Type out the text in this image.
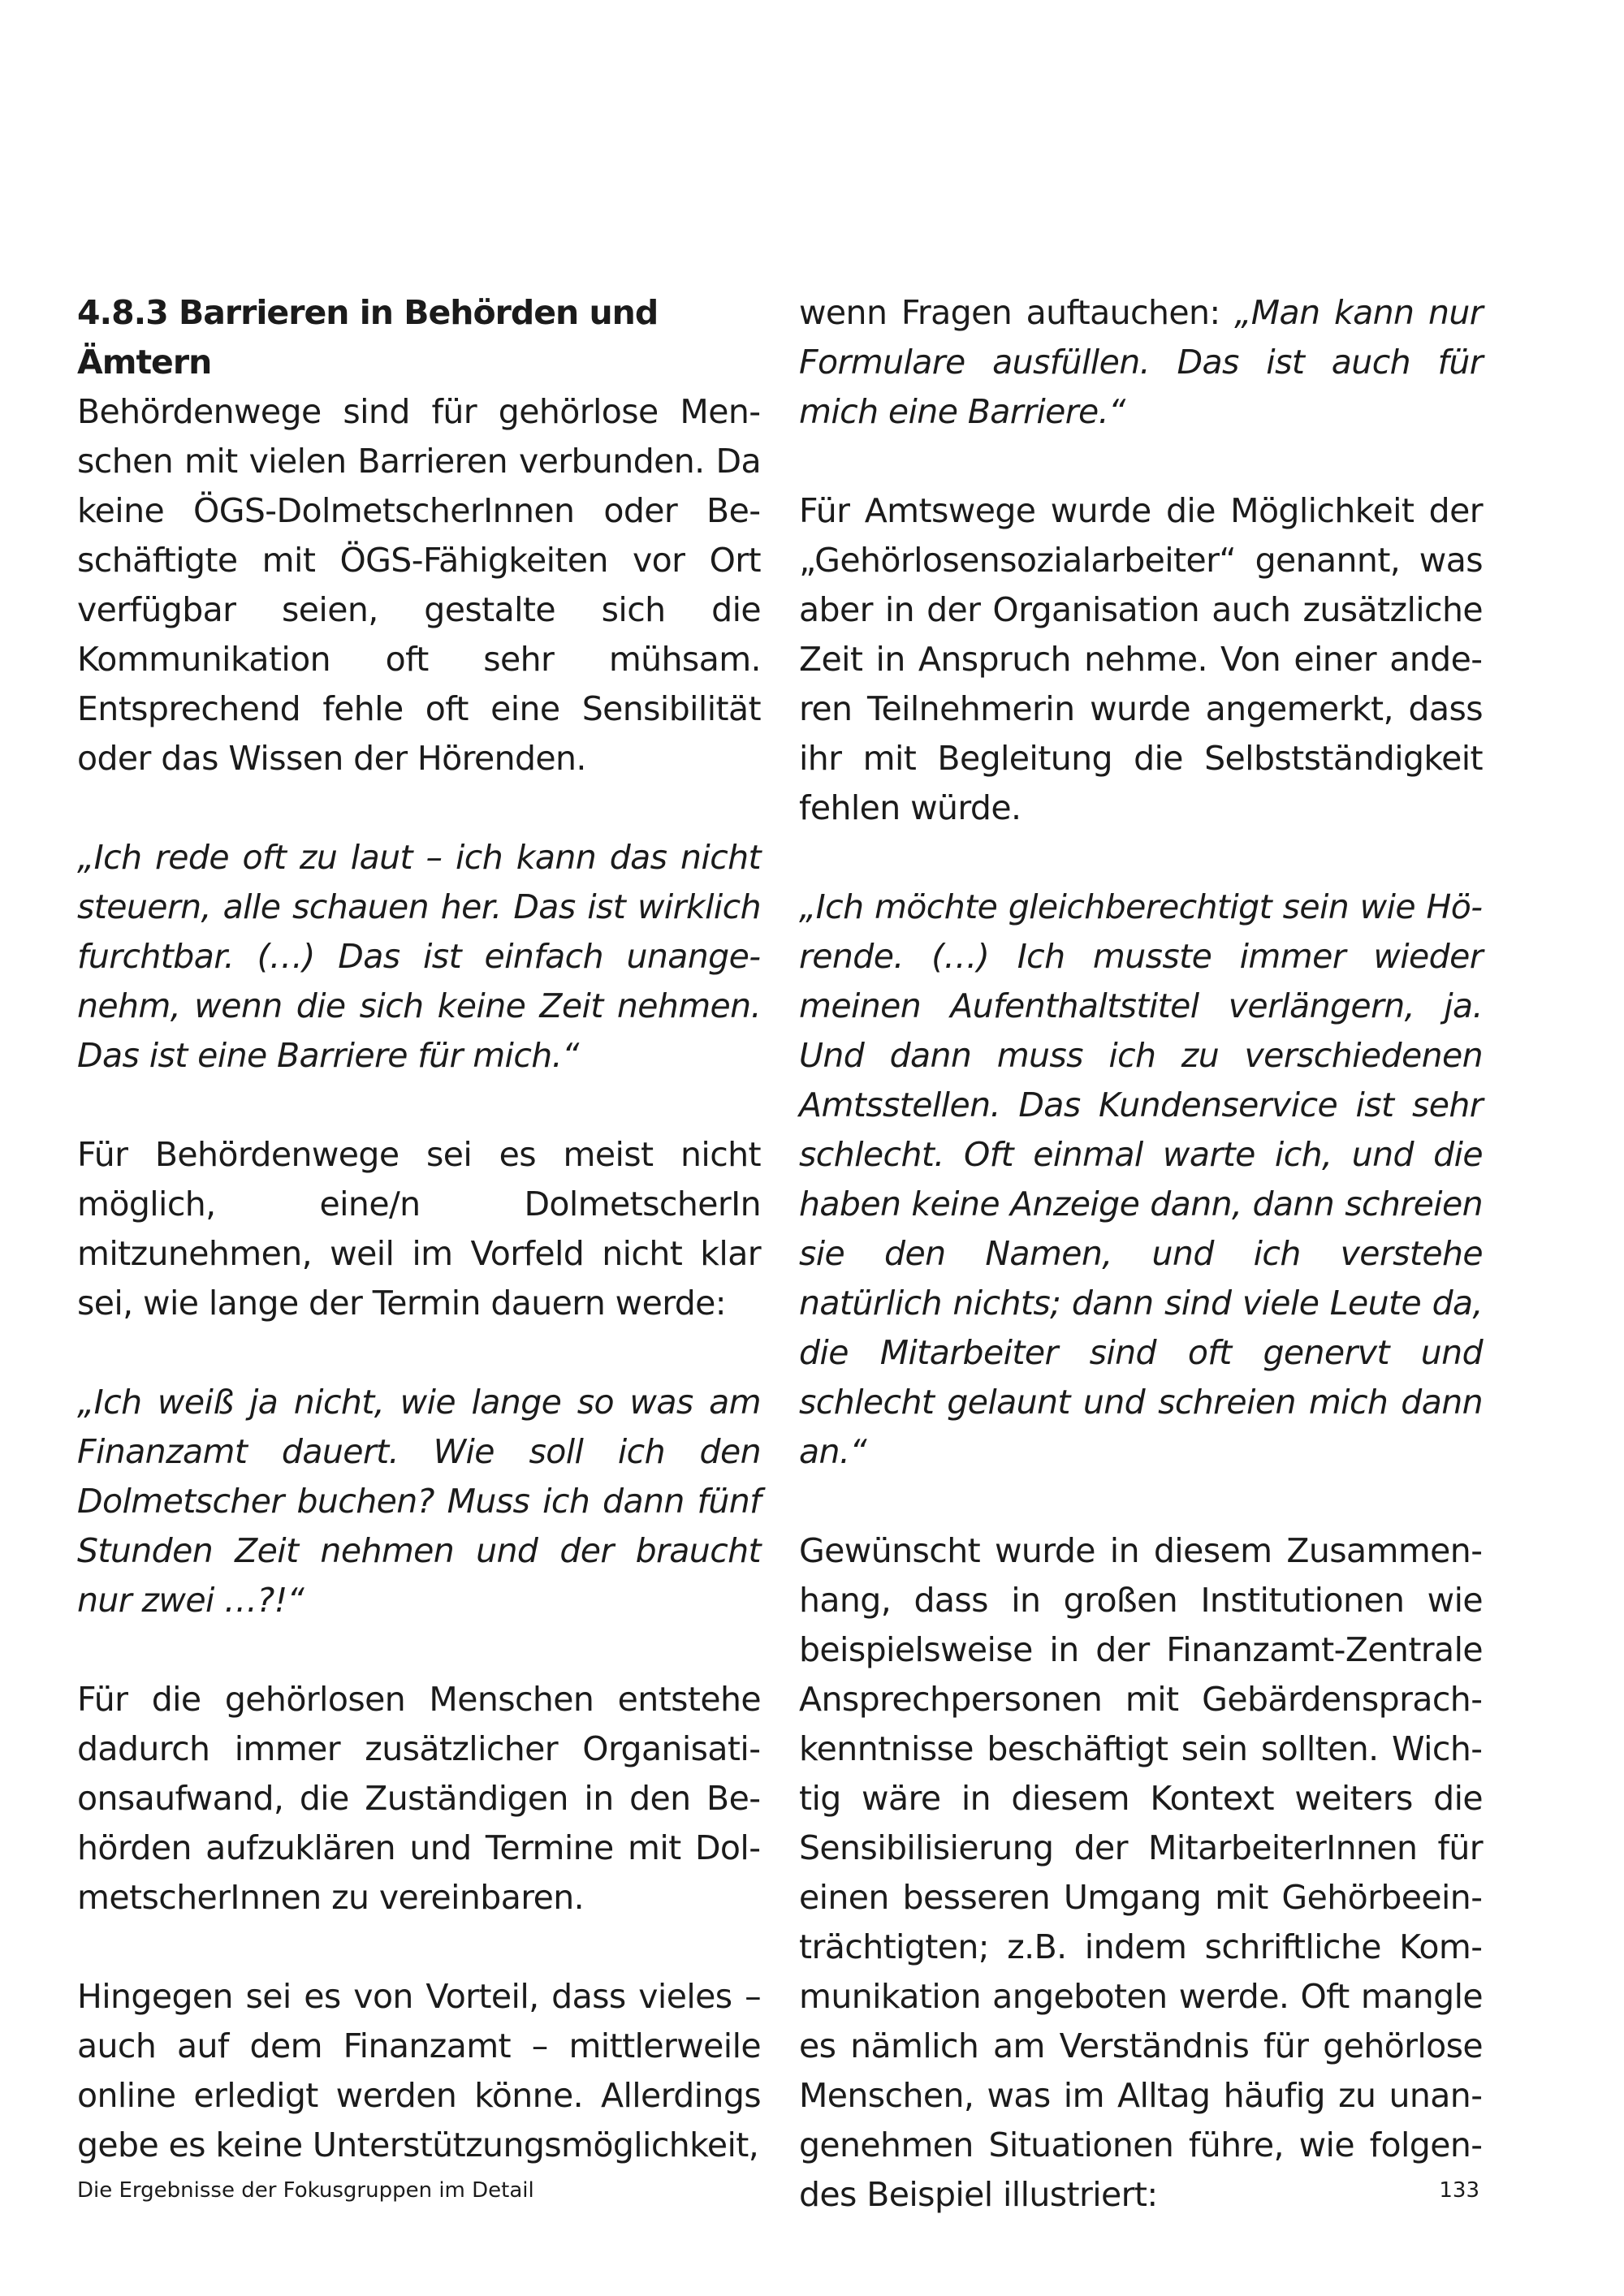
4.8.3 Barrieren in Behörden und Ämtern
Behördenwege sind für gehörlose Menschen mit vielen Barrieren verbunden. Da keine ÖGS-DolmetscherInnen oder Beschäftigte mit ÖGS-Fähigkeiten vor Ort verfügbar seien, gestalte sich die Kommunikation oft sehr mühsam. Entsprechend fehle oft eine Sensibilität oder das Wissen der Hörenden.

„Ich rede oft zu laut – ich kann das nicht steuern, alle schauen her. Das ist wirklich furchtbar. (…) Das ist einfach unangenehm, wenn die sich keine Zeit nehmen. Das ist eine Barriere für mich.“

Für Behördenwege sei es meist nicht möglich, eine/n DolmetscherIn mitzunehmen, weil im Vorfeld nicht klar sei, wie lange der Termin dauern werde:

„Ich weiß ja nicht, wie lange so was am Finanzamt dauert. Wie soll ich den Dolmetscher buchen? Muss ich dann fünf Stunden Zeit nehmen und der braucht nur zwei …?!“

Für die gehörlosen Menschen entstehe dadurch immer zusätzlicher Organisationsaufwand, die Zuständigen in den Behörden aufzuklären und Termine mit DolmetscherInnen zu vereinbaren.

Hingegen sei es von Vorteil, dass vieles – auch auf dem Finanzamt – mittlerweile online erledigt werden könne. Allerdings gebe es keine Unterstützungsmöglichkeit,

wenn Fragen auftauchen: „Man kann nur Formulare ausfüllen. Das ist auch für mich eine Barriere.“

Für Amtswege wurde die Möglichkeit der „Gehörlosensozialarbeiter“ genannt, was aber in der Organisation auch zusätzliche Zeit in Anspruch nehme. Von einer anderen Teilnehmerin wurde angemerkt, dass ihr mit Begleitung die Selbstständigkeit fehlen würde.

„Ich möchte gleichberechtigt sein wie Hörende. (…) Ich musste immer wieder meinen Aufenthaltstitel verlängern, ja. Und dann muss ich zu verschiedenen Amtsstellen. Das Kundenservice ist sehr schlecht. Oft einmal warte ich, und die haben keine Anzeige dann, dann schreien sie den Namen, und ich verstehe natürlich nichts; dann sind viele Leute da, die Mitarbeiter sind oft genervt und schlecht gelaunt und schreien mich dann an.“

Gewünscht wurde in diesem Zusammenhang, dass in großen Institutionen wie beispielsweise in der Finanzamt-Zentrale Ansprechpersonen mit Gebärdensprachkenntnisse beschäftigt sein sollten. Wichtig wäre in diesem Kontext weiters die Sensibilisierung der MitarbeiterInnen für einen besseren Umgang mit Gehörbeeinträchtigten; z.B. indem schriftliche Kommunikation angeboten werde. Oft mangle es nämlich am Verständnis für gehörlose Menschen, was im Alltag häufig zu unangenehmen Situationen führe, wie folgendes Beispiel illustriert:

Die Ergebnisse der Fokusgruppen im Detail	133
